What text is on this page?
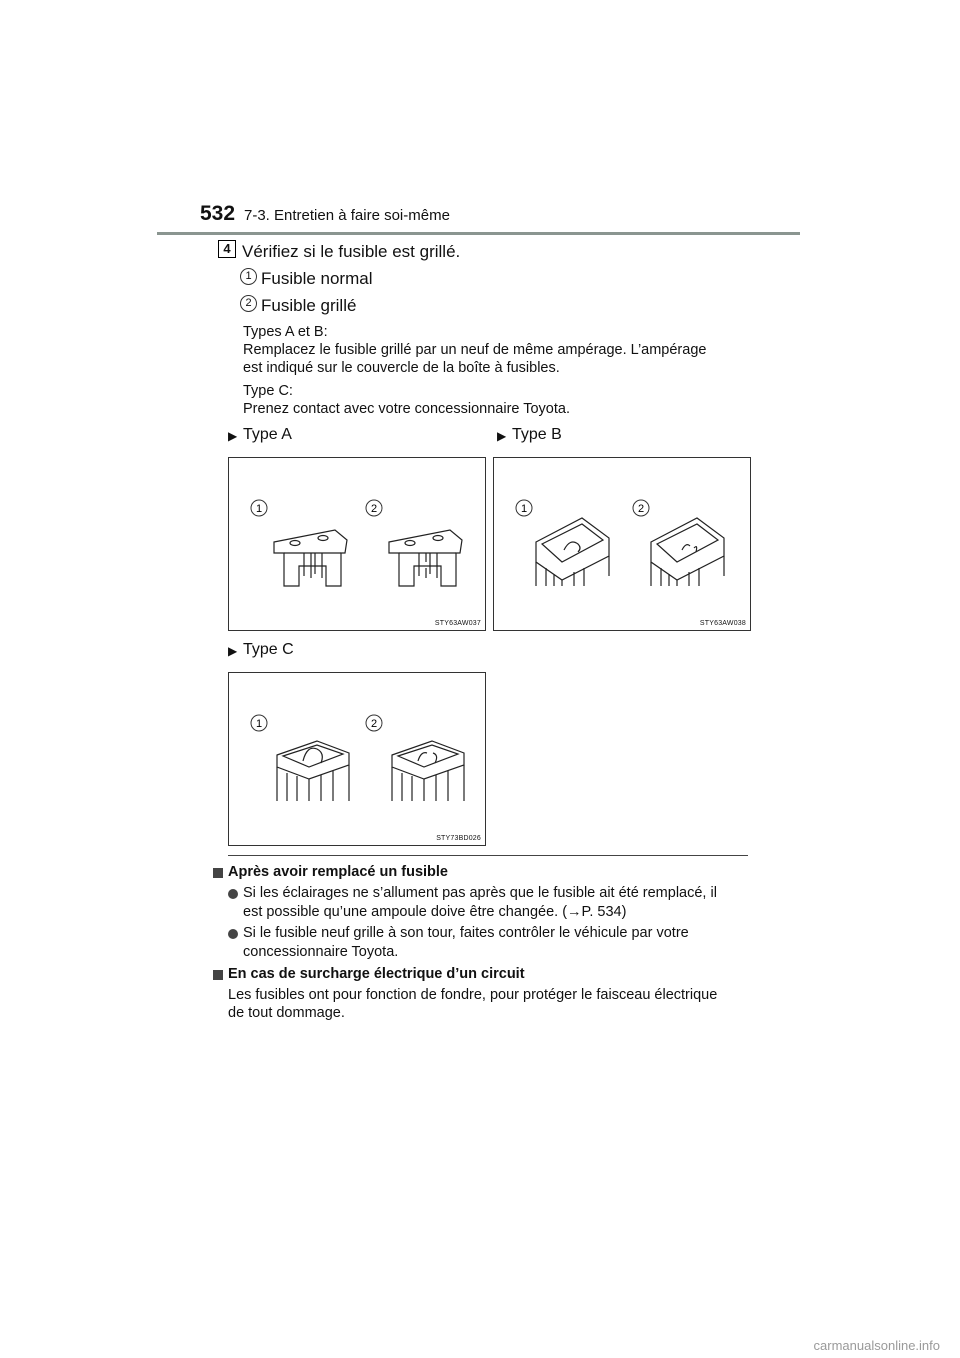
532 7-3. Entretien à faire soi-même
4 Vérifiez si le fusible est grillé.
1 Fusible normal
2 Fusible grillé
Types A et B:
Remplacez le fusible grillé par un neuf de même ampérage. L’ampérage
est indiqué sur le couvercle de la boîte à fusibles.
Type C:
Prenez contact avec votre concessionnaire Toyota.
▶ Type A	▶ Type B
1	2
STY63AW037
1	2
STY63AW038
▶ Type C
1	2
STY73BD026
Après avoir remplacé un fusible
Si les éclairages ne s’allument pas après que le fusible ait été remplacé, il
est possible qu’une ampoule doive être changée. (→P. 534)
Si le fusible neuf grille à son tour, faites contrôler le véhicule par votre
concessionnaire Toyota.
En cas de surcharge électrique d’un circuit
Les fusibles ont pour fonction de fondre, pour protéger le faisceau électrique
de tout dommage.
carmanualsonline.info
